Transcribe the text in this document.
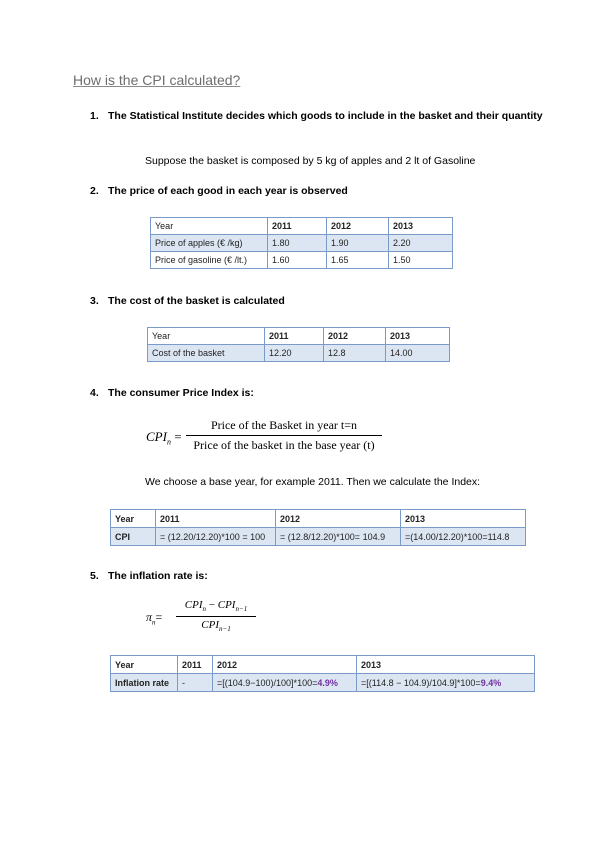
How is the CPI calculated?
1. The Statistical Institute decides which goods to include in the basket and their quantity
Suppose the basket is composed by 5 kg of apples and 2 lt of Gasoline
2. The price of each good in each year is observed
Year	2011	2012	2013
Price of apples (€ /kg)	1.80	1.90	2.20
Price of gasoline (€ /lt.)	1.60	1.65	1.50
3. The cost of the basket is calculated
Year	2011	2012	2013
Cost of the basket	12.20	12.8	14.00
4. The consumer Price Index is:
$CPI_n$ =
Price of the Basket in year t=n
Price of the basket in the base year (t)
We choose a base year, for example 2011. Then we calculate the Index:
Year	2011	2012	2013
CPI	= (12.20/12.20)*100 = 100	= (12.8/12.20)*100= 104.9	=(14.00/12.20)*100=114.8
5. The inflation rate is:
$\pi_n=$
$CPI_n - CPI_{n-1}$
$CPI_{n-1}$
Year	2011	2012	2013
Inflation rate	-	=[(104.9−100)/100]*100=4.9%	=[(114.8 − 104.9)/104.9]*100=9.4%
